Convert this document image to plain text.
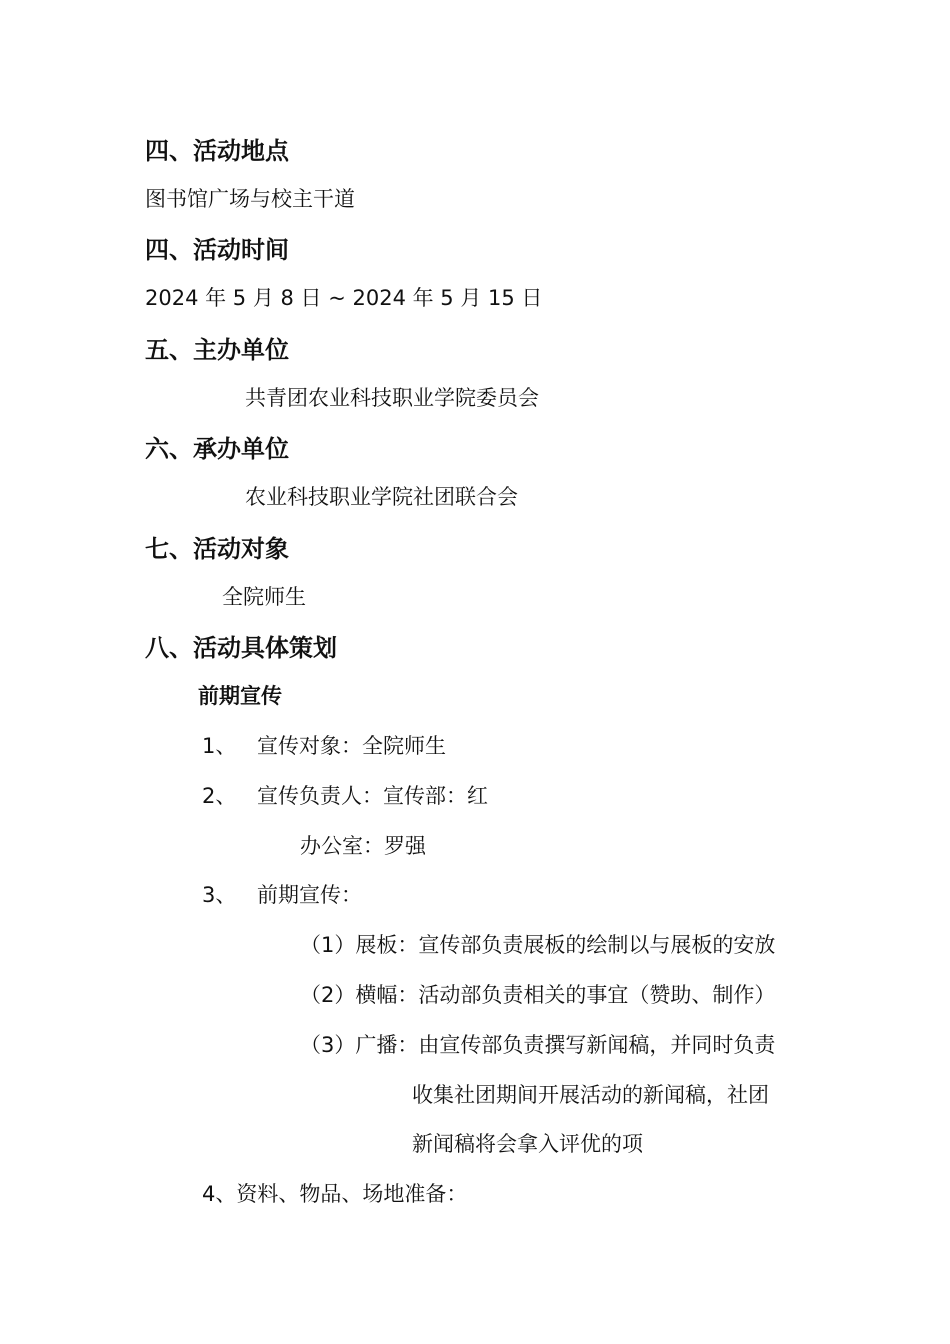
四、活动地点
图书馆广场与校主干道
四、活动时间
2024 年 5 月 8 日 ~ 2024 年 5 月 15 日
五、主办单位
共青团农业科技职业学院委员会
六、承办单位
农业科技职业学院社团联合会
七、活动对象
全院师生
八、活动具体策划
前期宣传
1、 宣传对象：全院师生
2、 宣传负责人：宣传部：红
办公室：罗强
3、 前期宣传：
（1）展板：宣传部负责展板的绘制以与展板的安放
（2）横幅：活动部负责相关的事宜（赞助、制作）
（3）广播：由宣传部负责撰写新闻稿，并同时负责
收集社团期间开展活动的新闻稿，社团
新闻稿将会拿入评优的项
4、资料、物品、场地准备：
